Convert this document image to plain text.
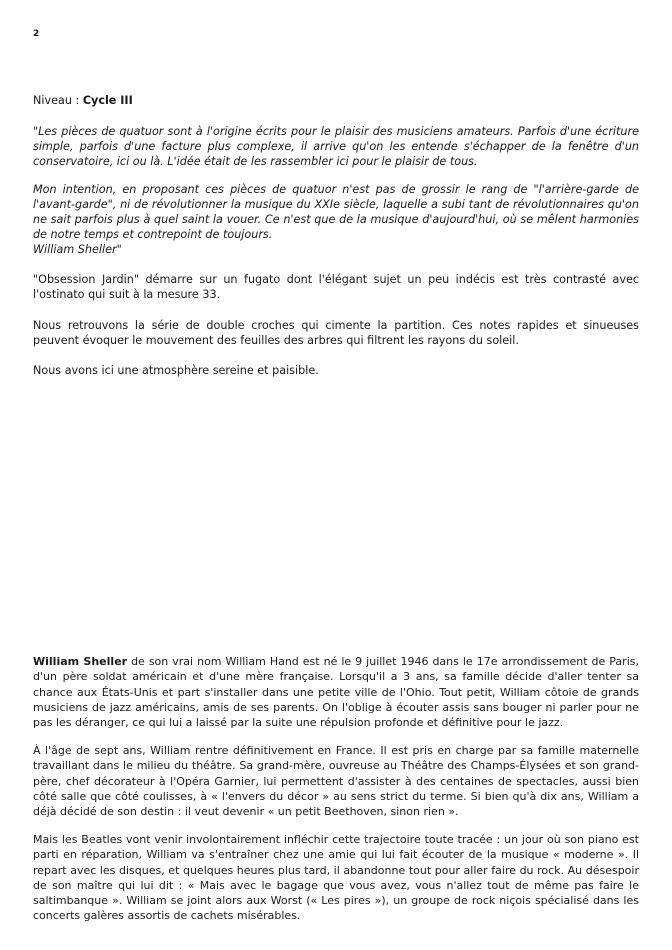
2
Niveau : Cycle III

"Les pièces de quatuor sont à l'origine écrits pour le plaisir des musiciens amateurs. Parfois d'une écriture simple, parfois d'une facture plus complexe, il arrive qu'on les entende s'échapper de la fenêtre d'un conservatoire, ici ou là. L'idée était de les rassembler ici pour le plaisir de tous.

Mon intention, en proposant ces pièces de quatuor n'est pas de grossir le rang de "l'arrière-garde de l'avant-garde", ni de révolutionner la musique du XXIe siècle, laquelle a subi tant de révolutionnaires qu'on ne sait parfois plus à quel saint la vouer. Ce n'est que de la musique d'aujourd'hui, où se mêlent harmonies de notre temps et contrepoint de toujours.

William Sheller"

"Obsession Jardin" démarre sur un fugato dont l'élégant sujet un peu indécis est très contrasté avec l'ostinato qui suit à la mesure 33.

Nous retrouvons la série de double croches qui cimente la partition. Ces notes rapides et sinueuses peuvent évoquer le mouvement des feuilles des arbres qui filtrent les rayons du soleil.

Nous avons ici une atmosphère sereine et paisible.

William Sheller de son vrai nom William Hand est né le 9 juillet 1946 dans le 17e arrondissement de Paris, d'un père soldat américain et d'une mère française. Lorsqu'il a 3 ans, sa famille décide d'aller tenter sa chance aux États-Unis et part s'installer dans une petite ville de l'Ohio. Tout petit, William côtoie de grands musiciens de jazz américains, amis de ses parents. On l'oblige à écouter assis sans bouger ni parler pour ne pas les déranger, ce qui lui a laissé par la suite une répulsion profonde et définitive pour le jazz.

À l'âge de sept ans, William rentre définitivement en France. Il est pris en charge par sa famille maternelle travaillant dans le milieu du théâtre. Sa grand-mère, ouvreuse au Théâtre des Champs-Élysées et son grand-père, chef décorateur à l'Opéra Garnier, lui permettent d'assister à des centaines de spectacles, aussi bien côté salle que côté coulisses, à « l'envers du décor » au sens strict du terme. Si bien qu'à dix ans, William a déjà décidé de son destin : il veut devenir « un petit Beethoven, sinon rien ».

Mais les Beatles vont venir involontairement infléchir cette trajectoire toute tracée : un jour où son piano est parti en réparation, William va s'entraîner chez une amie qui lui fait écouter de la musique « moderne ». Il repart avec les disques, et quelques heures plus tard, il abandonne tout pour aller faire du rock. Au désespoir de son maître qui lui dit : « Mais avec le bagage que vous avez, vous n'allez tout de même pas faire le saltimbanque ». William se joint alors aux Worst (« Les pires »), un groupe de rock niçois spécialisé dans les concerts galères assortis de cachets misérables.
